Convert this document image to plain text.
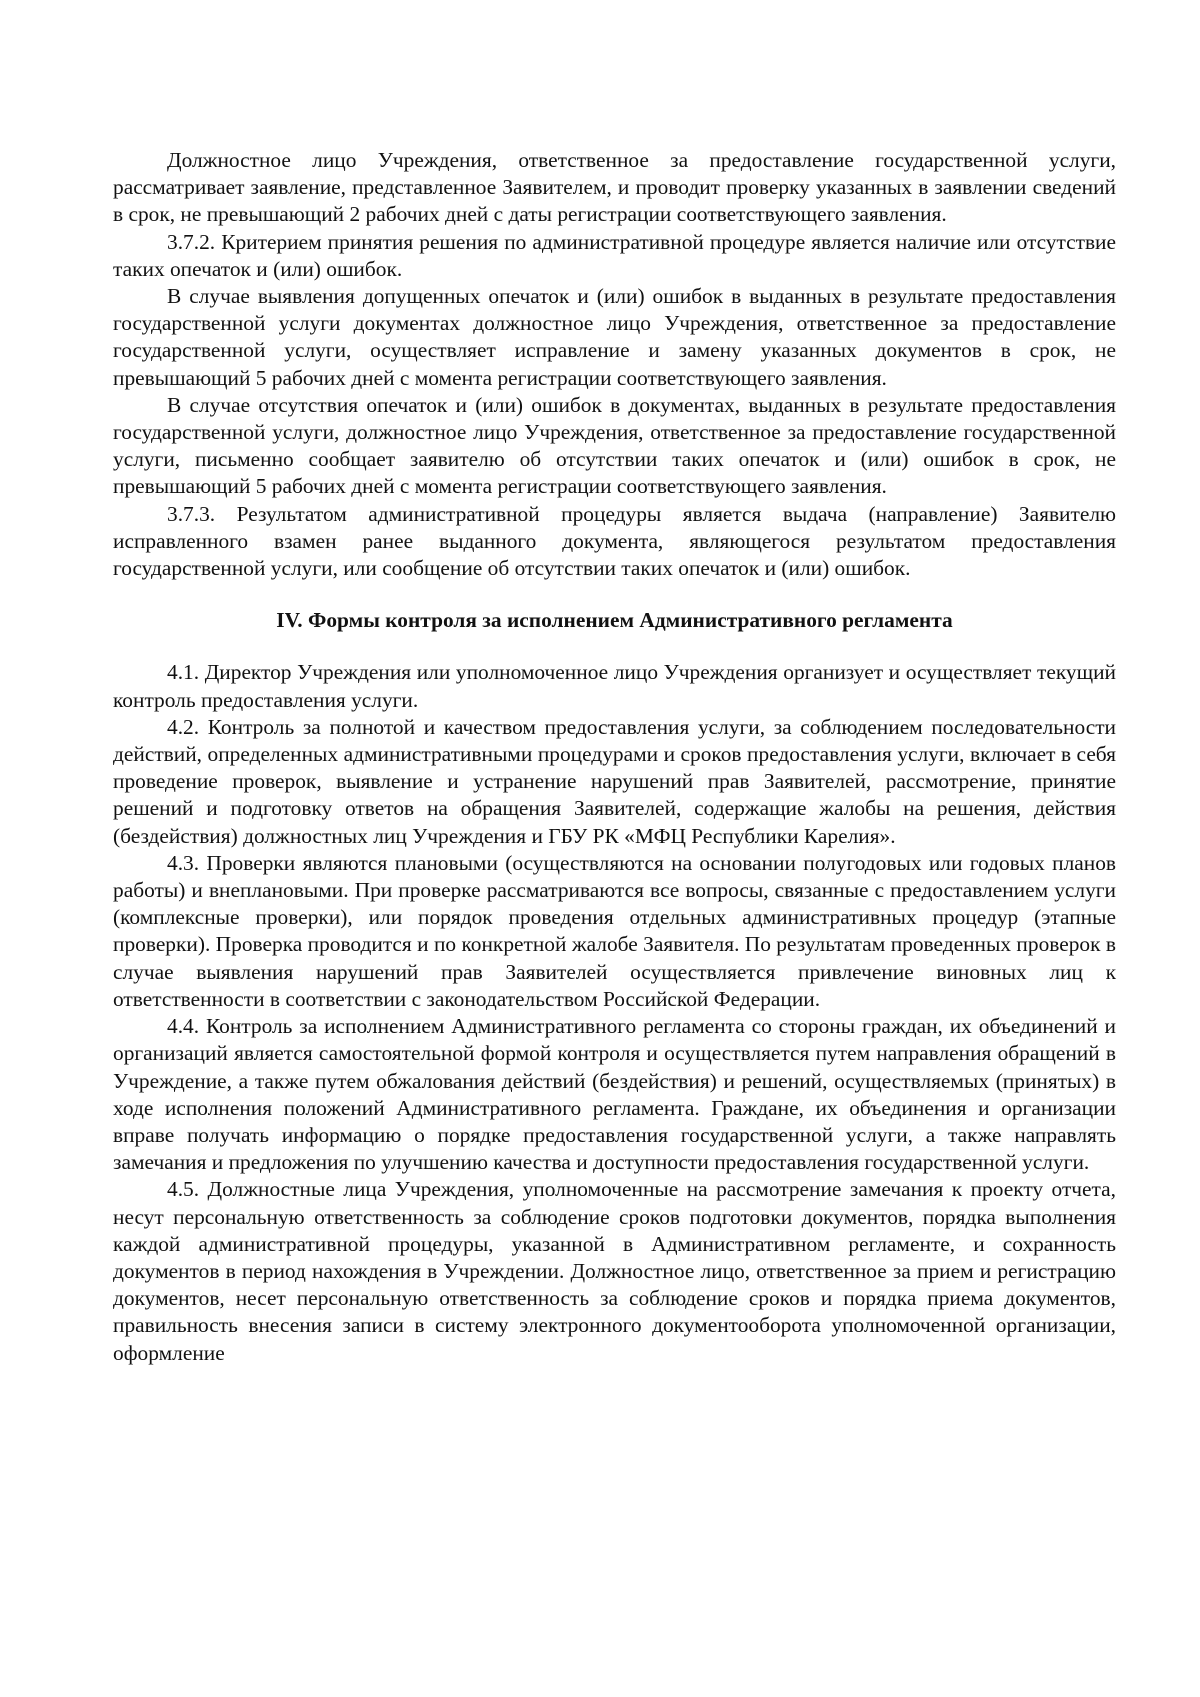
Должностное лицо Учреждения, ответственное за предоставление государственной услуги, рассматривает заявление, представленное Заявителем, и проводит проверку указанных в заявлении сведений в срок, не превышающий 2 рабочих дней с даты регистрации соответствующего заявления.

3.7.2. Критерием принятия решения по административной процедуре является наличие или отсутствие таких опечаток и (или) ошибок.

В случае выявления допущенных опечаток и (или) ошибок в выданных в результате предоставления государственной услуги документах должностное лицо Учреждения, ответственное за предоставление государственной услуги, осуществляет исправление и замену указанных документов в срок, не превышающий 5 рабочих дней с момента регистрации соответствующего заявления.

В случае отсутствия опечаток и (или) ошибок в документах, выданных в результате предоставления государственной услуги, должностное лицо Учреждения, ответственное за предоставление государственной услуги, письменно сообщает заявителю об отсутствии таких опечаток и (или) ошибок в срок, не превышающий 5 рабочих дней с момента регистрации соответствующего заявления.

3.7.3. Результатом административной процедуры является выдача (направление) Заявителю исправленного взамен ранее выданного документа, являющегося результатом предоставления государственной услуги, или сообщение об отсутствии таких опечаток и (или) ошибок.

IV. Формы контроля за исполнением Административного регламента

4.1. Директор Учреждения или уполномоченное лицо Учреждения организует и осуществляет текущий контроль предоставления услуги.

4.2. Контроль за полнотой и качеством предоставления услуги, за соблюдением последовательности действий, определенных административными процедурами и сроков предоставления услуги, включает в себя проведение проверок, выявление и устранение нарушений прав Заявителей, рассмотрение, принятие решений и подготовку ответов на обращения Заявителей, содержащие жалобы на решения, действия (бездействия) должностных лиц Учреждения и ГБУ РК «МФЦ Республики Карелия».

4.3. Проверки являются плановыми (осуществляются на основании полугодовых или годовых планов работы) и внеплановыми. При проверке рассматриваются все вопросы, связанные с предоставлением услуги (комплексные проверки), или порядок проведения отдельных административных процедур (этапные проверки). Проверка проводится и по конкретной жалобе Заявителя. По результатам проведенных проверок в случае выявления нарушений прав Заявителей осуществляется привлечение виновных лиц к ответственности в соответствии с законодательством Российской Федерации.

4.4. Контроль за исполнением Административного регламента со стороны граждан, их объединений и организаций является самостоятельной формой контроля и осуществляется путем направления обращений в Учреждение, а также путем обжалования действий (бездействия) и решений, осуществляемых (принятых) в ходе исполнения положений Административного регламента. Граждане, их объединения и организации вправе получать информацию о порядке предоставления государственной услуги, а также направлять замечания и предложения по улучшению качества и доступности предоставления государственной услуги.

4.5. Должностные лица Учреждения, уполномоченные на рассмотрение замечания к проекту отчета, несут персональную ответственность за соблюдение сроков подготовки документов, порядка выполнения каждой административной процедуры, указанной в Административном регламенте, и сохранность документов в период нахождения в Учреждении. Должностное лицо, ответственное за прием и регистрацию документов, несет персональную ответственность за соблюдение сроков и порядка приема документов, правильность внесения записи в систему электронного документооборота уполномоченной организации, оформление
